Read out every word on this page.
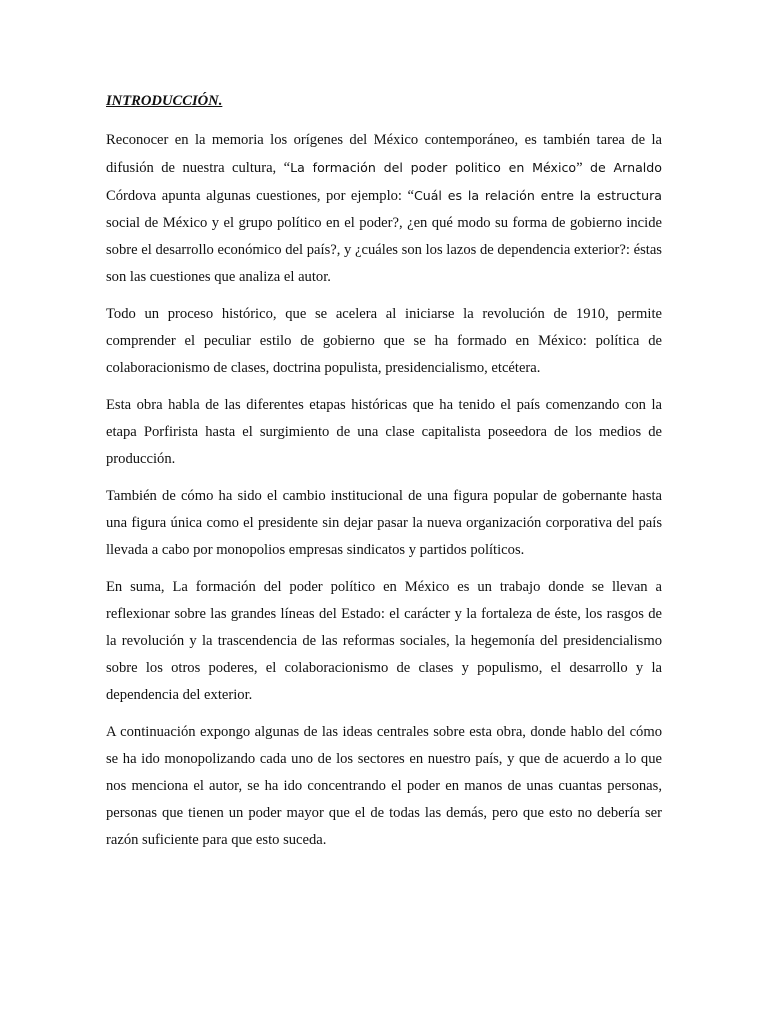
INTRODUCCIÓN.

Reconocer en la memoria los orígenes del México contemporáneo, es también tarea de la difusión de nuestra cultura, “La formación del poder politico en México” de Arnaldo Córdova apunta algunas cuestiones, por ejemplo: “Cuál es la relación entre la estructura social de México y el grupo político en el poder?, ¿en qué modo su forma de gobierno incide sobre el desarrollo económico del país?, y ¿cuáles son los lazos de dependencia exterior?: éstas son las cuestiones que analiza el autor.

Todo un proceso histórico, que se acelera al iniciarse la revolución de 1910, permite comprender el peculiar estilo de gobierno que se ha formado en México: política de colaboracionismo de clases, doctrina populista, presidencialismo, etcétera.

Esta obra habla de las diferentes etapas históricas que ha tenido el país comenzando con la etapa Porfirista hasta el surgimiento de una clase capitalista poseedora de los medios de producción.

También de cómo ha sido el cambio institucional de una figura popular de gobernante hasta una figura única como el presidente sin dejar pasar la nueva organización corporativa del país llevada a cabo por monopolios empresas sindicatos y partidos políticos.

En suma, La formación del poder político en México es un trabajo donde se llevan a reflexionar sobre las grandes líneas del Estado: el carácter y la fortaleza de éste, los rasgos de la revolución y la trascendencia de las reformas sociales, la hegemonía del presidencialismo sobre los otros poderes, el colaboracionismo de clases y populismo, el desarrollo y la dependencia del exterior.

A continuación expongo algunas de las ideas centrales sobre esta obra, donde hablo del cómo se ha ido monopolizando cada uno de los sectores en nuestro país, y que de acuerdo a lo que nos menciona el autor, se ha ido concentrando el poder en manos de unas cuantas personas, personas que tienen un poder mayor que el de todas las demás, pero que esto no debería ser razón suficiente para que esto suceda.
